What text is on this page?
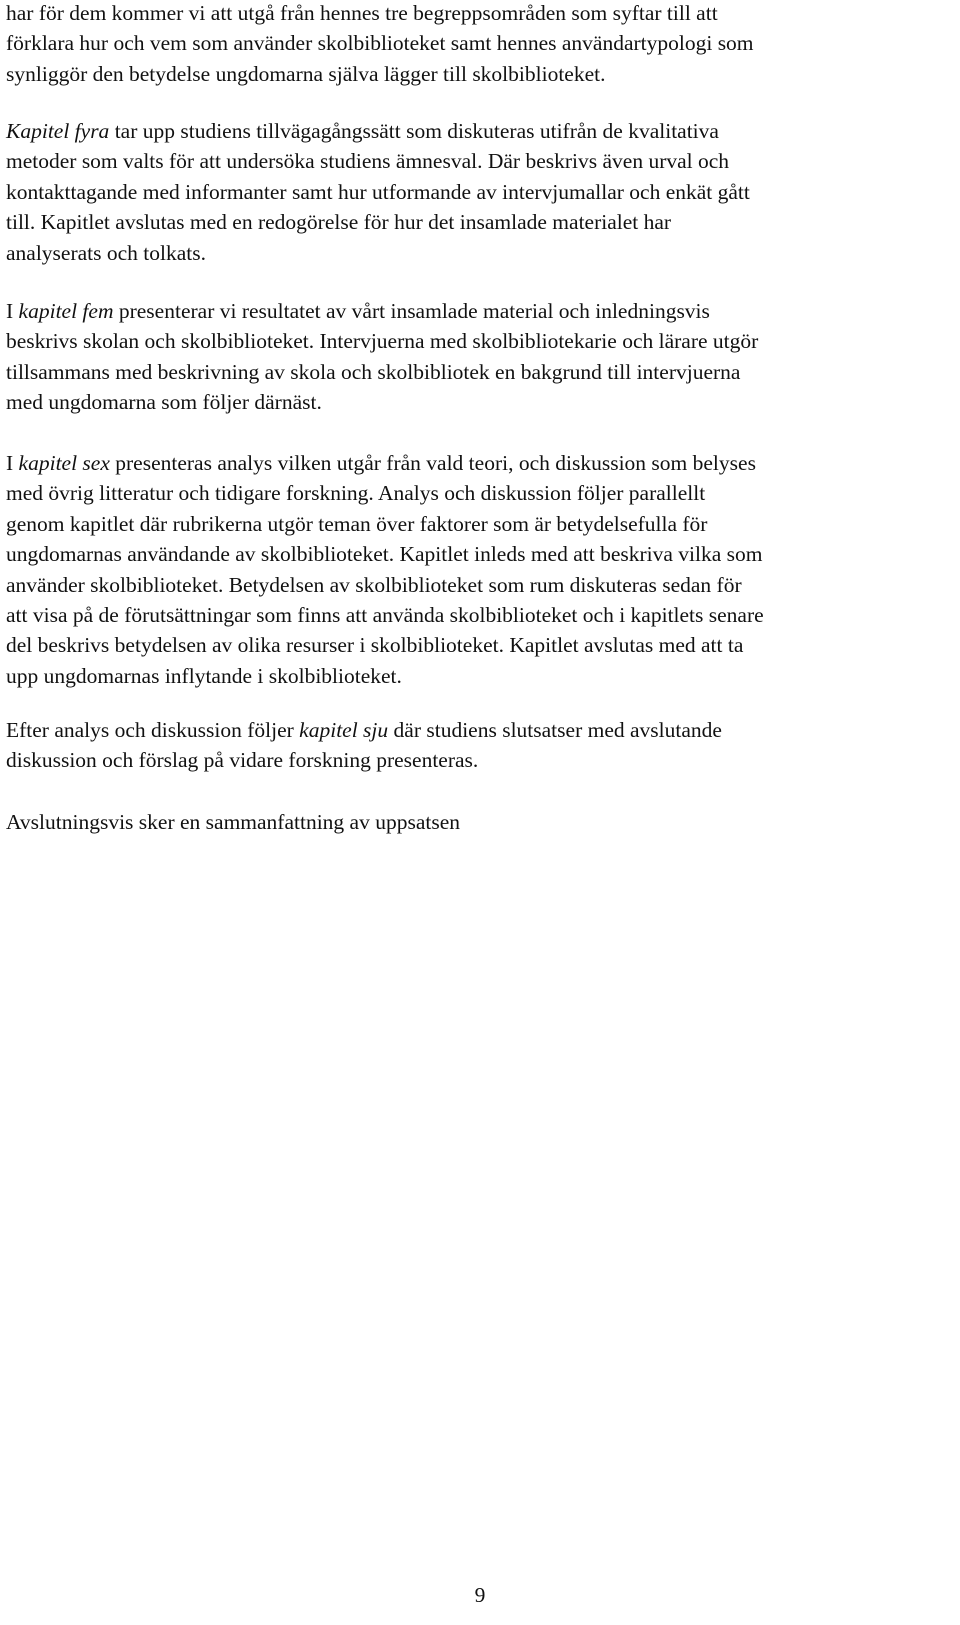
har för dem kommer vi att utgå från hennes tre begreppsområden som syftar till att
förklara hur och vem som använder skolbiblioteket samt hennes användartypologi som
synliggör den betydelse ungdomarna själva lägger till skolbiblioteket.

Kapitel fyra tar upp studiens tillvägagångssätt som diskuteras utifrån de kvalitativa
metoder som valts för att undersöka studiens ämnesval. Där beskrivs även urval och
kontakttagande med informanter samt hur utformande av intervjumallar och enkät gått
till. Kapitlet avslutas med en redogörelse för hur det insamlade materialet har
analyserats och tolkats.

I kapitel fem presenterar vi resultatet av vårt insamlade material och inledningsvis
beskrivs skolan och skolbiblioteket. Intervjuerna med skolbibliotekarie och lärare utgör
tillsammans med beskrivning av skola och skolbibliotek en bakgrund till intervjuerna
med ungdomarna som följer därnäst.

I kapitel sex presenteras analys vilken utgår från vald teori, och diskussion som belyses
med övrig litteratur och tidigare forskning. Analys och diskussion följer parallellt
genom kapitlet där rubrikerna utgör teman över faktorer som är betydelsefulla för
ungdomarnas användande av skolbiblioteket. Kapitlet inleds med att beskriva vilka som
använder skolbiblioteket. Betydelsen av skolbiblioteket som rum diskuteras sedan för
att visa på de förutsättningar som finns att använda skolbiblioteket och i kapitlets senare
del beskrivs betydelsen av olika resurser i skolbiblioteket. Kapitlet avslutas med att ta
upp ungdomarnas inflytande i skolbiblioteket.

Efter analys och diskussion följer kapitel sju där studiens slutsatser med avslutande
diskussion och förslag på vidare forskning presenteras.

Avslutningsvis sker en sammanfattning av uppsatsen

9
